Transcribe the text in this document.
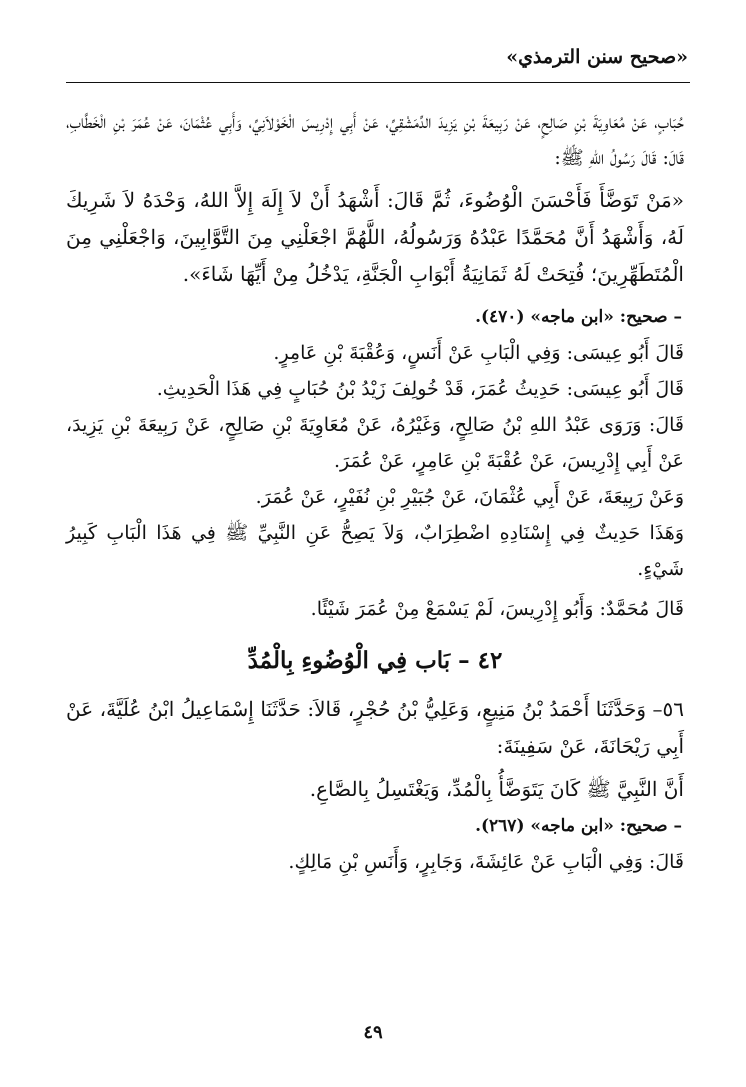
«صحيح سنن الترمذي»

حُبَابٍ، عَنْ مُعَاوِيَةَ بْنِ صَالِحٍ، عَنْ رَبِيعَةَ بْنِ يَزِيدَ الدِّمَشْقِيِّ، عَنْ أَبِي إِدْرِيسَ الْخَوْلاَنِيِّ، وَأَبِي عُثْمَانَ، عَنْ عُمَرَ بْنِ الْخَطَّابِ، قَالَ: قَالَ رَسُولُ اللهِ ﷺ:

«مَنْ تَوَضَّأَ فَأَحْسَنَ الْوُضُوءَ، ثُمَّ قَالَ: أَشْهَدُ أَنْ لاَ إِلَهَ إِلاَّ اللهُ، وَحْدَهُ لاَ شَرِيكَ لَهُ، وَأَشْهَدُ أَنَّ مُحَمَّدًا عَبْدُهُ وَرَسُولُهُ، اللَّهُمَّ اجْعَلْنِي مِنَ التَّوَّابِينَ، وَاجْعَلْنِي مِنَ الْمُتَطَهِّرِينَ؛ فُتِحَتْ لَهُ ثَمَانِيَةُ أَبْوَابِ الْجَنَّةِ، يَدْخُلُ مِنْ أَيِّهَا شَاءَ».

– صحيح: «ابن ماجه» (٤٧٠).

قَالَ أَبُو عِيسَى: وَفِي الْبَابِ عَنْ أَنَسٍ، وَعُقْبَةَ بْنِ عَامِرٍ.

قَالَ أَبُو عِيسَى: حَدِيثُ عُمَرَ، قَدْ خُولِفَ زَيْدُ بْنُ حُبَابٍ فِي هَذَا الْحَدِيثِ.

قَالَ: وَرَوَى عَبْدُ اللهِ بْنُ صَالِحٍ، وَغَيْرُهُ، عَنْ مُعَاوِيَةَ بْنِ صَالِحٍ، عَنْ رَبِيعَةَ بْنِ يَزِيدَ، عَنْ أَبِي إِدْرِيسَ، عَنْ عُقْبَةَ بْنِ عَامِرٍ، عَنْ عُمَرَ.

وَعَنْ رَبِيعَةَ، عَنْ أَبِي عُثْمَانَ، عَنْ جُبَيْرِ بْنِ نُفَيْرٍ، عَنْ عُمَرَ.

وَهَذَا حَدِيثٌ فِي إِسْنَادِهِ اضْطِرَابٌ، وَلاَ يَصِحُّ عَنِ النَّبِيِّ ﷺ فِي هَذَا الْبَابِ كَبِيرُ شَيْءٍ.

قَالَ مُحَمَّدٌ: وَأَبُو إِدْرِيسَ، لَمْ يَسْمَعْ مِنْ عُمَرَ شَيْئًا.

٤٢ – بَاب فِي الْوُضُوءِ بِالْمُدِّ

٥٦– وَحَدَّثَنَا أَحْمَدُ بْنُ مَنِيعٍ، وَعَلِيُّ بْنُ حُجْرٍ، قَالاَ: حَدَّثَنَا إِسْمَاعِيلُ ابْنُ عُلَيَّةَ، عَنْ أَبِي رَيْحَانَةَ، عَنْ سَفِينَةَ:

أَنَّ النَّبِيَّ ﷺ كَانَ يَتَوَضَّأُ بِالْمُدِّ، وَيَغْتَسِلُ بِالصَّاعِ.

– صحيح: «ابن ماجه» (٢٦٧).

قَالَ: وَفِي الْبَابِ عَنْ عَائِشَةَ، وَجَابِرٍ، وَأَنَسِ بْنِ مَالِكٍ.

٤٩
